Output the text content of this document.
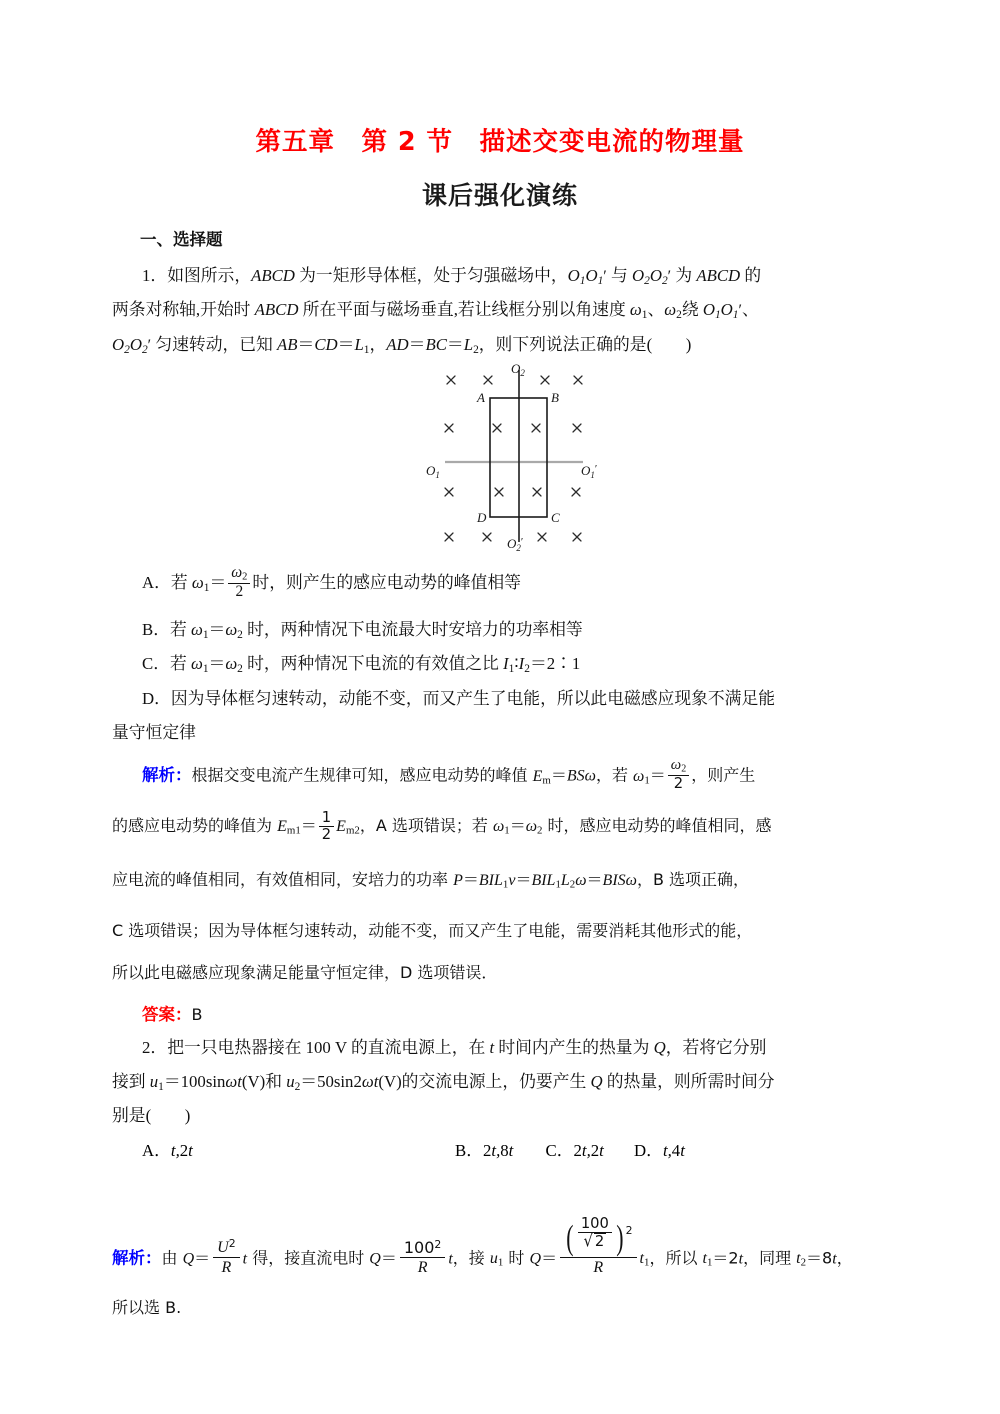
第五章　第 2 节　描述交变电流的物理量
课后强化演练
一、选择题
1．如图所示，ABCD 为一矩形导体框，处于匀强磁场中，$O_1O_1'$ 与 $O_2O_2'$ 为 ABCD 的
两条对称轴,开始时 ABCD 所在平面与磁场垂直,若让线框分别以角速度 $\omega_1$、$\omega_2$绕 $O_1O_1'$、
$O_2O_2'$ 匀速转动，已知 $AB=CD=L_1$，$AD=BC=L_2$，则下列说法正确的是(　　)
A	B
D	C
$O_1$	$O_1'$
$O_2$
$O_2'$
A．若 $\omega_1= \frac{\omega_2}{2}$ 时，则产生的感应电动势的峰值相等
B．若 $\omega_1=\omega_2$ 时，两种情况下电流最大时安培力的功率相等
C．若 $\omega_1=\omega_2$ 时，两种情况下电流的有效值之比 $I_1∶I_2=2∶1$
D．因为导体框匀速转动，动能不变，而又产生了电能，所以此电磁感应现象不满足能
量守恒定律
解析：根据交变电流产生规律可知，感应电动势的峰值 $E_m=BS\omega$，若 $\omega_1= \frac{\omega_2}{2}$ ，则产生
的感应电动势的峰值为 $E_{m1}= \frac{1}{2} E_{m2}$，A 选项错误；若 $\omega_1=\omega_2$ 时，感应电动势的峰值相同，感
应电流的峰值相同，有效值相同，安培力的功率 $P=BIL_1v=BIL_1L_2\omega=BIS\omega$，B 选项正确，
C 选项错误；因为导体框匀速转动，动能不变，而又产生了电能，需要消耗其他形式的能，
所以此电磁感应现象满足能量守恒定律，D 选项错误．
答案：B
2．把一只电热器接在 100 V 的直流电源上，在 t 时间内产生的热量为 Q，若将它分别
接到 $u_1=100\sin\omega t(V)$和 $u_2=50\sin 2\omega t(V)$的交流电源上，仍要产生 Q 的热量，则所需时间分
别是(　　)
A．t,2t	B．2t,8t C．2t,2t D．t,4t
解析：由 $Q= \frac{U^2}{R}$ t 得，接直流电时 $Q= \frac{100^2}{R}$ t，接 $u_1$ 时 $Q= \frac{( \frac{100}{√ 2} ) ^2}{R} t_1$，所以 $t_1=2t$，同理 $t_2=8t$，
所以选 B.
